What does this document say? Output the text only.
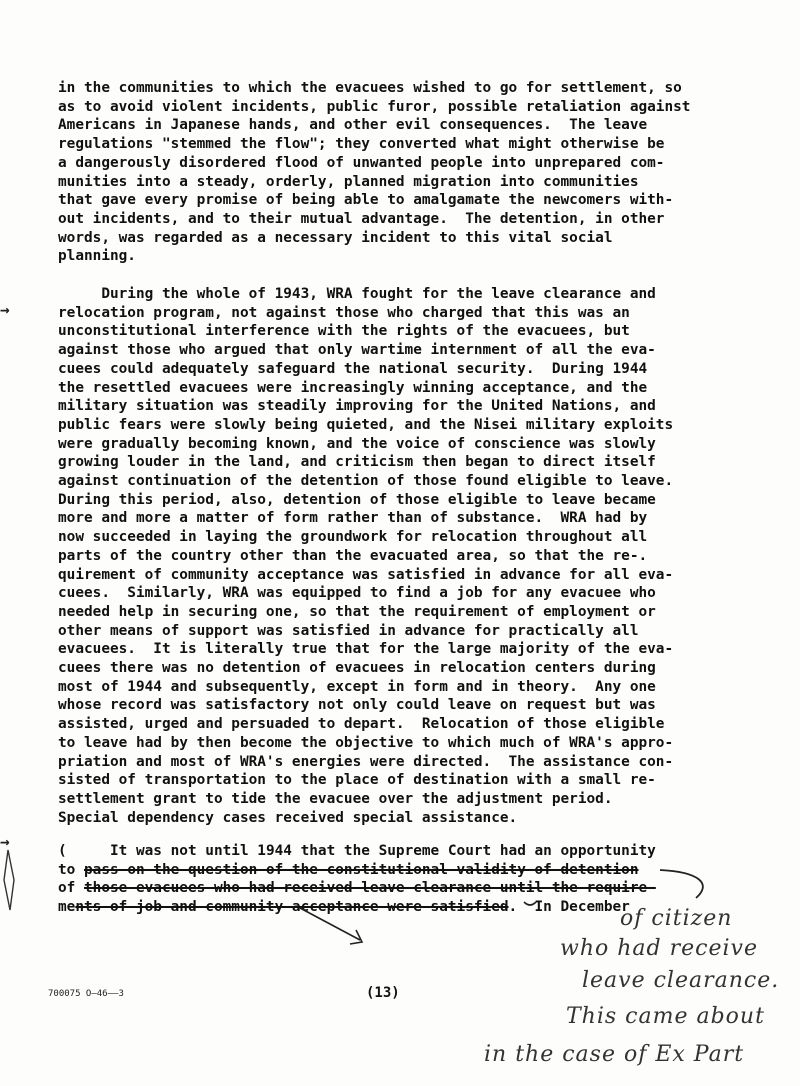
in the communities to which the evacuees wished to go for settlement, so
as to avoid violent incidents, public furor, possible retaliation against
Americans in Japanese hands, and other evil consequences.  The leave
regulations "stemmed the flow"; they converted what might otherwise be
a dangerously disordered flood of unwanted people into unprepared com-
munities into a steady, orderly, planned migration into communities
that gave every promise of being able to amalgamate the newcomers with-
out incidents, and to their mutual advantage.  The detention, in other
words, was regarded as a necessary incident to this vital social
planning.
During the whole of 1943, WRA fought for the leave clearance and
relocation program, not against those who charged that this was an
unconstitutional interference with the rights of the evacuees, but
against those who argued that only wartime internment of all the eva-
cuees could adequately safeguard the national security.  During 1944
the resettled evacuees were increasingly winning acceptance, and the
military situation was steadily improving for the United Nations, and
public fears were slowly being quieted, and the Nisei military exploits
were gradually becoming known, and the voice of conscience was slowly
growing louder in the land, and criticism then began to direct itself
against continuation of the detention of those found eligible to leave.
During this period, also, detention of those eligible to leave became
more and more a matter of form rather than of substance.  WRA had by
now succeeded in laying the groundwork for relocation throughout all
parts of the country other than the evacuated area, so that the re-.
quirement of community acceptance was satisfied in advance for all eva-
cuees.  Similarly, WRA was equipped to find a job for any evacuee who
needed help in securing one, so that the requirement of employment or
other means of support was satisfied in advance for practically all
evacuees.  It is literally true that for the large majority of the eva-
cuees there was no detention of evacuees in relocation centers during
most of 1944 and subsequently, except in form and in theory.  Any one
whose record was satisfactory not only could leave on request but was
assisted, urged and persuaded to depart.  Relocation of those eligible
to leave had by then become the objective to which much of WRA's appro-
priation and most of WRA's energies were directed.  The assistance con-
sisted of transportation to the place of destination with a small re-
settlement grant to tide the evacuee over the adjustment period.
Special dependency cases received special assistance.
(     It was not until 1944 that the Supreme Court had an opportunity
to pass on the question of the constitutional validity of detention
of those evacuees who had received leave clearance until the require-
ments of job and community acceptance were satisfied.  In December
→
→
of citizen
who had receive
leave clearance.
This came about
in the case of Ex Part
700075 O—46——3	(13)
